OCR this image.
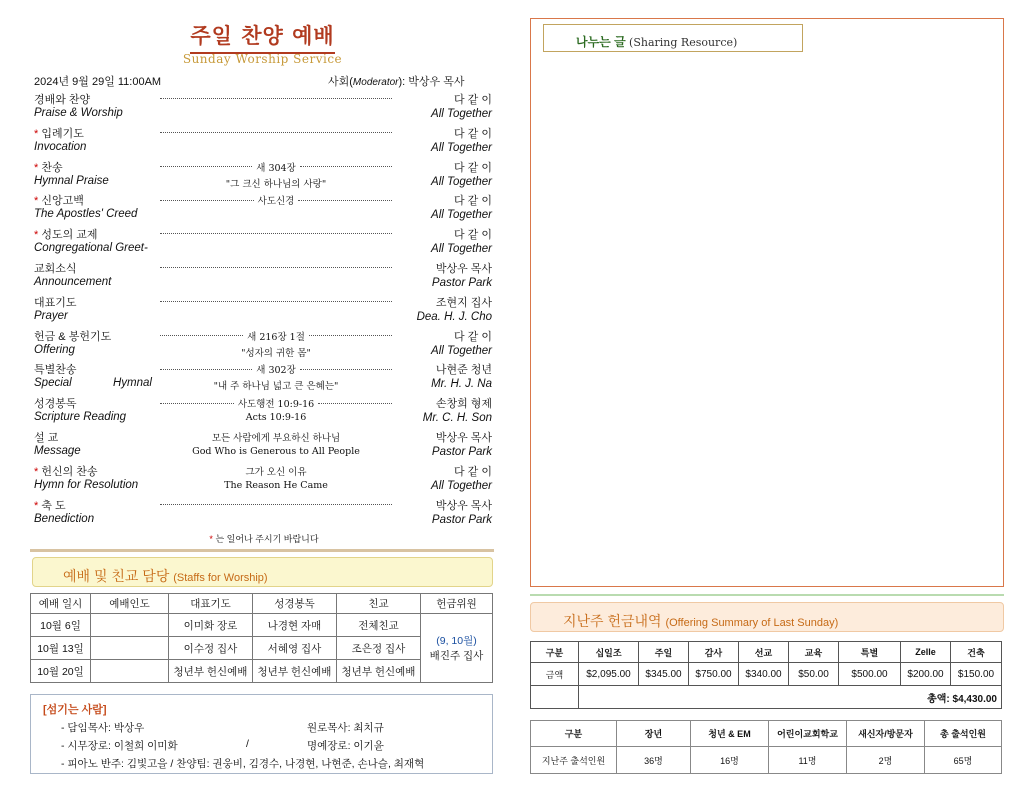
주일 찬양 예배
Sunday Worship Service
2024년 9월 29일 11:00AM	사회(Moderator): 박상우 목사
경배와 찬양
Praise & Worship
다 같 이
All Together
* 입례기도
Invocation
다 같 이
All Together
* 찬송
Hymnal Praise
새 304장
"그 크신 하나님의 사랑"
다 같 이
All Together
* 신앙고백
The Apostles' Creed
사도신경	다 같 이
All Together
* 성도의 교제
Congregational Greet-
다 같 이
All Together
교회소식
Announcement
박상우 목사
Pastor Park
대표기도
Prayer
조현지 집사
Dea. H. J. Cho
헌금 & 봉헌기도
Offering
새 216장 1절
"성자의 귀한 몸"
다 같 이
All Together
특별찬송
Special Hymnal
새 302장
"내 주 하나님 넓고 큰 은혜는"
나현준 청년
Mr. H. J. Na
성경봉독
Scripture Reading
사도행전 10:9-16
Acts 10:9-16
손창희 형제
Mr. C. H. Son
설 교
Message
모든 사람에게 부요하신 하나님
God Who is Generous to All People
박상우 목사
Pastor Park
* 헌신의 찬송
Hymn for Resolution
그가 오신 이유
The Reason He Came
다 같 이
All Together
* 축 도
Benediction
박상우 목사
Pastor Park
* 는 일어나 주시기 바랍니다
예배 및 친교 담당 (Staffs for Worship)
예배 일시	예배인도	대표기도	성경봉독	친교	헌금위원
10월 6일		이미화 장로	나경현 자매	전체친교	(9, 10월)
배진주 집사

10월 13일		이수정 집사	서혜영 집사	조은정 집사	
10월 20일		청년부 헌신예배	청년부 헌신예배	청년부 헌신예배	
[섬기는 사람]
- 담임목사: 박상우	원로목사: 최치규
- 시무장로: 이철희 이미화	/	명예장로: 이기윤
- 피아노 반주: 김빛고을 / 찬양팀: 권웅비, 김경수, 나경현, 나현준, 손나슬, 최재혁
나누는 글 (Sharing Resource)
지난주 헌금내역 (Offering Summary of Last Sunday)
구분	십일조	주일	감사	선교	교육	특별	Zelle	건축
금액	$2,095.00	$345.00	$750.00	$340.00	$50.00	$500.00	$200.00	$150.00
	총액: $4,430.00							
구분	장년	청년 & EM	어린이교회학교	새신자/방문자	총 출석인원
지난주 출석인원	36명	16명	11명	2명	65명
